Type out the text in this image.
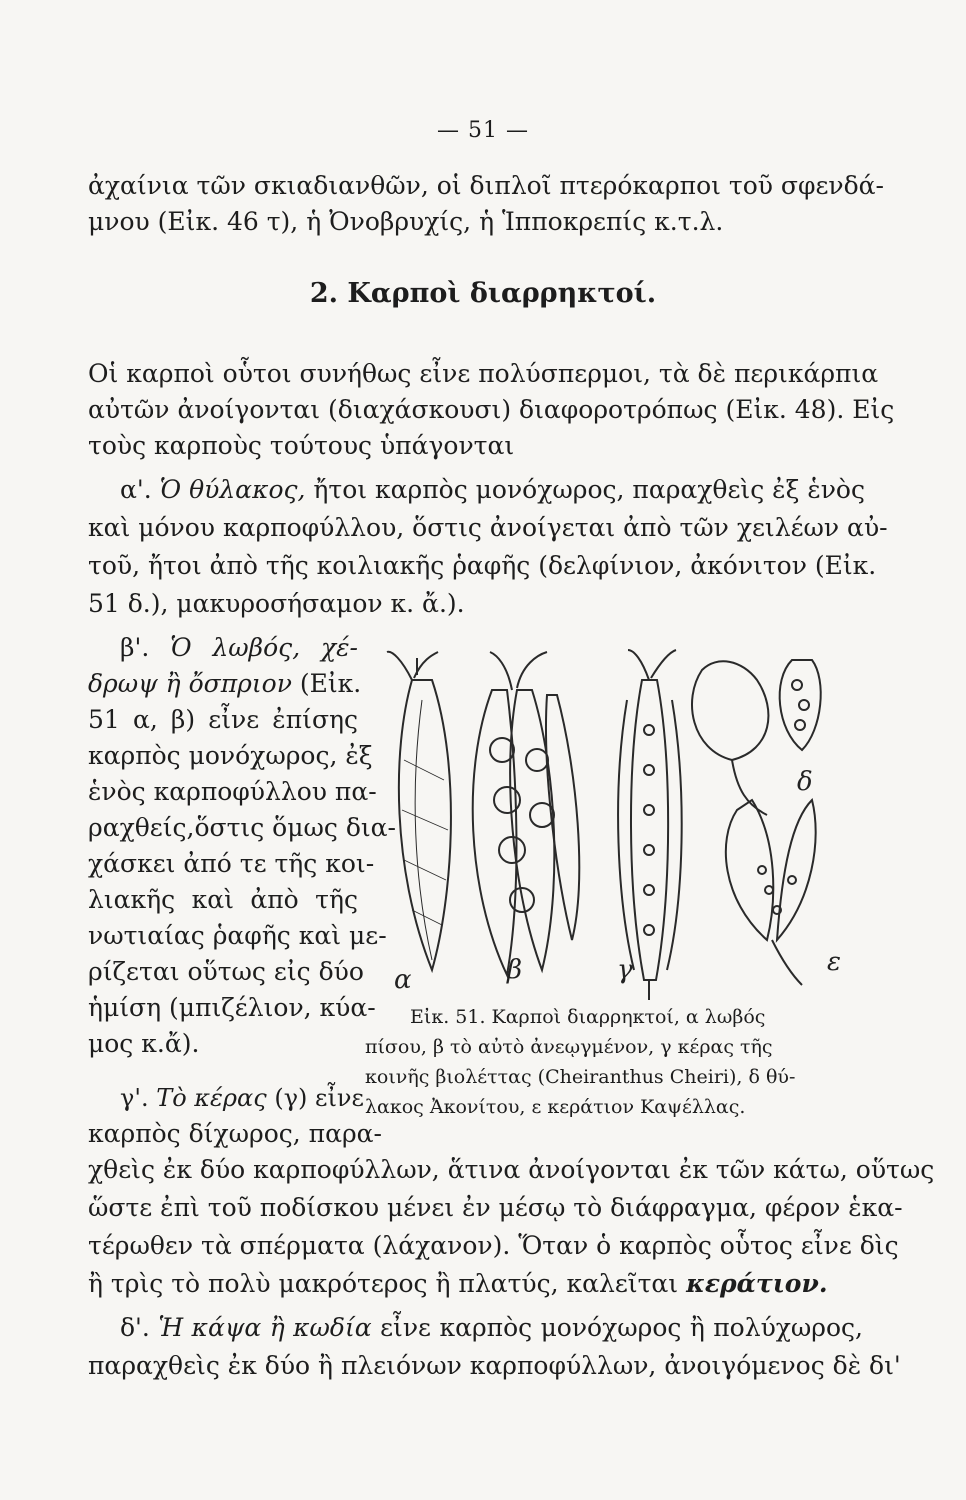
— 51 —
ἀχαίνια τῶν σκιαδιανθῶν, οἱ διπλοῖ πτερόκαρποι τοῦ σφενδά-
μνου (Εἰκ. 46 τ), ἡ Ὀνοβρυχίς, ἡ Ἱπποκρεπίς κ.τ.λ.
2. Καρποὶ διαρρηκτοί.
Οἱ καρποὶ οὗτοι συνήθως εἶνε πολύσπερμοι, τὰ δὲ περικάρπια
αὐτῶν ἀνοίγονται (διαχάσκουσι) διαφοροτρόπως (Εἰκ. 48). Εἰς
τοὺς καρποὺς τούτους ὑπάγονται
α'. Ὁ θύλακος, ἤτοι καρπὸς μονόχωρος, παραχθεὶς ἐξ ἑνὸς
καὶ μόνου καρποφύλλου, ὅστις ἀνοίγεται ἀπὸ τῶν χειλέων αὐ-
τοῦ, ἤτοι ἀπὸ τῆς κοιλιακῆς ῥαφῆς (δελφίνιον, ἀκόνιτον (Εἰκ.
51 δ.), μακυροσήσαμον κ. ἄ.).
β'. Ὁ λωβός, χέ-
δρωψ ἢ ὄσπριον (Εἰκ.
51 α, β) εἶνε ἐπίσης
καρπὸς μονόχωρος, ἐξ
ἑνὸς καρποφύλλου πα-
ραχθείς,ὅστις ὅμως δια-
χάσκει ἀπό τε τῆς κοι-
λιακῆς καὶ ἀπὸ τῆς
νωτιαίας ῥαφῆς καὶ με-
ρίζεται οὕτως εἰς δύο
ἡμίση (μπιζέλιον, κύα-
μος κ.ἄ).
α	β	γ
δ
ε
Εἰκ. 51. Καρποὶ διαρρηκτοί, α λωβός
πίσου, β τὸ αὐτὸ ἀνεῳγμένον, γ κέρας τῆς
κοινῆς βιολέττας (Cheiranthus Cheiri), δ θύ-
λακος Ἀκονίτου, ε κεράτιον Καψέλλας.
γ'. Τὸ κέρας (γ) εἶνε
καρπὸς δίχωρος, παρα-
χθεὶς ἐκ δύο καρποφύλλων, ἅτινα ἀνοίγονται ἐκ τῶν κάτω, οὕτως
ὥστε ἐπὶ τοῦ ποδίσκου μένει ἐν μέσῳ τὸ διάφραγμα, φέρον ἑκα-
τέρωθεν τὰ σπέρματα (λάχανον). Ὅταν ὁ καρπὸς οὗτος εἶνε δὶς
ἢ τρὶς τὸ πολὺ μακρότερος ἢ πλατύς, καλεῖται κεράτιον.
δ'. Ἡ κάψα ἢ κωδία εἶνε καρπὸς μονόχωρος ἢ πολύχωρος,
παραχθεὶς ἐκ δύο ἢ πλειόνων καρποφύλλων, ἀνοιγόμενος δὲ δι'
